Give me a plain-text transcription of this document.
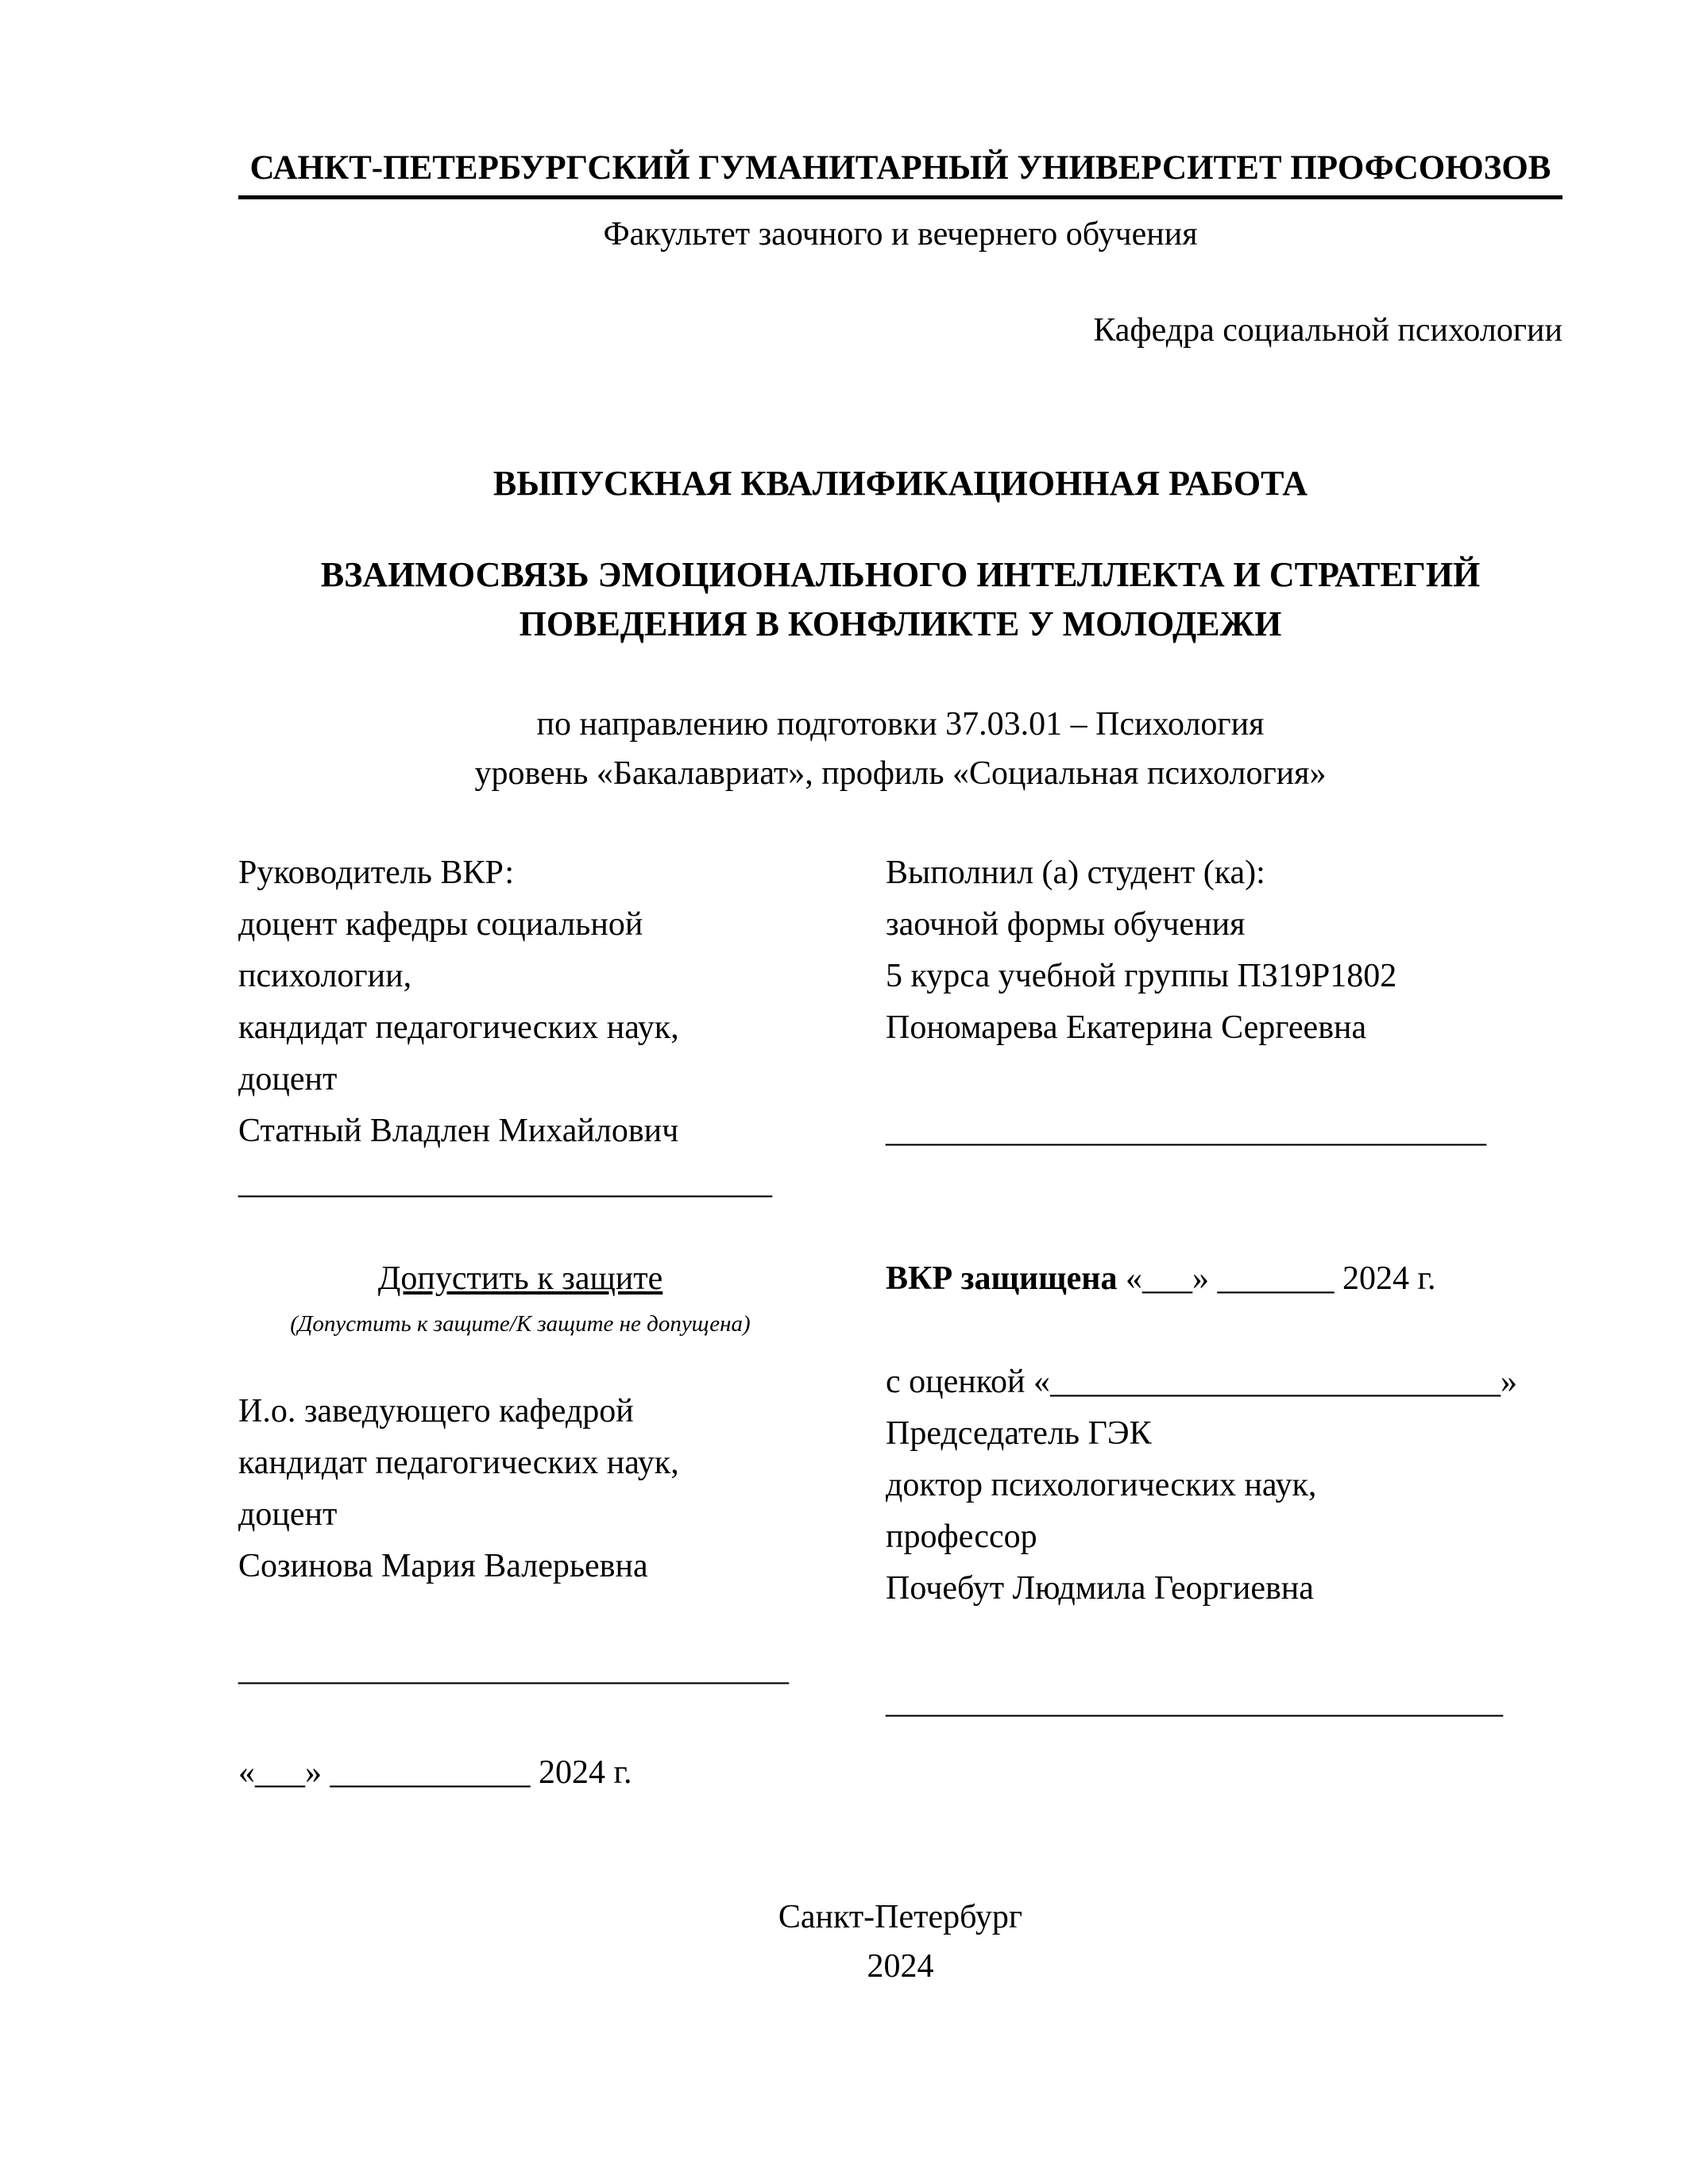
САНКТ-ПЕТЕРБУРГСКИЙ ГУМАНИТАРНЫЙ УНИВЕРСИТЕТ ПРОФСОЮЗОВ
Факультет заочного и вечернего обучения
Кафедра социальной психологии
ВЫПУСКНАЯ КВАЛИФИКАЦИОННАЯ РАБОТА
ВЗАИМОСВЯЗЬ ЭМОЦИОНАЛЬНОГО ИНТЕЛЛЕКТА И СТРАТЕГИЙ
ПОВЕДЕНИЯ В КОНФЛИКТЕ У МОЛОДЕЖИ
по направлению подготовки 37.03.01 – Психология
уровень «Бакалавриат», профиль «Социальная психология»
Руководитель ВКР:
доцент кафедры социальной
психологии,
кандидат педагогических наук,
доцент
Статный Владлен Михайлович
________________________________
Выполнил (а) студент (ка):
заочной формы обучения
5 курса учебной группы ПЗ19Р1802
Пономарева Екатерина Сергеевна
____________________________________
Допустить к защите
(Допустить к защите/К защите не допущена)
И.о. заведующего кафедрой
кандидат педагогических наук,
доцент
Созинова Мария Валерьевна
_________________________________
«___» ____________ 2024 г.
ВКР защищена «___» _______ 2024 г.
с оценкой «___________________________»
Председатель ГЭК
доктор психологических наук,
профессор
Почебут Людмила Георгиевна
_____________________________________
Санкт-Петербург
2024
